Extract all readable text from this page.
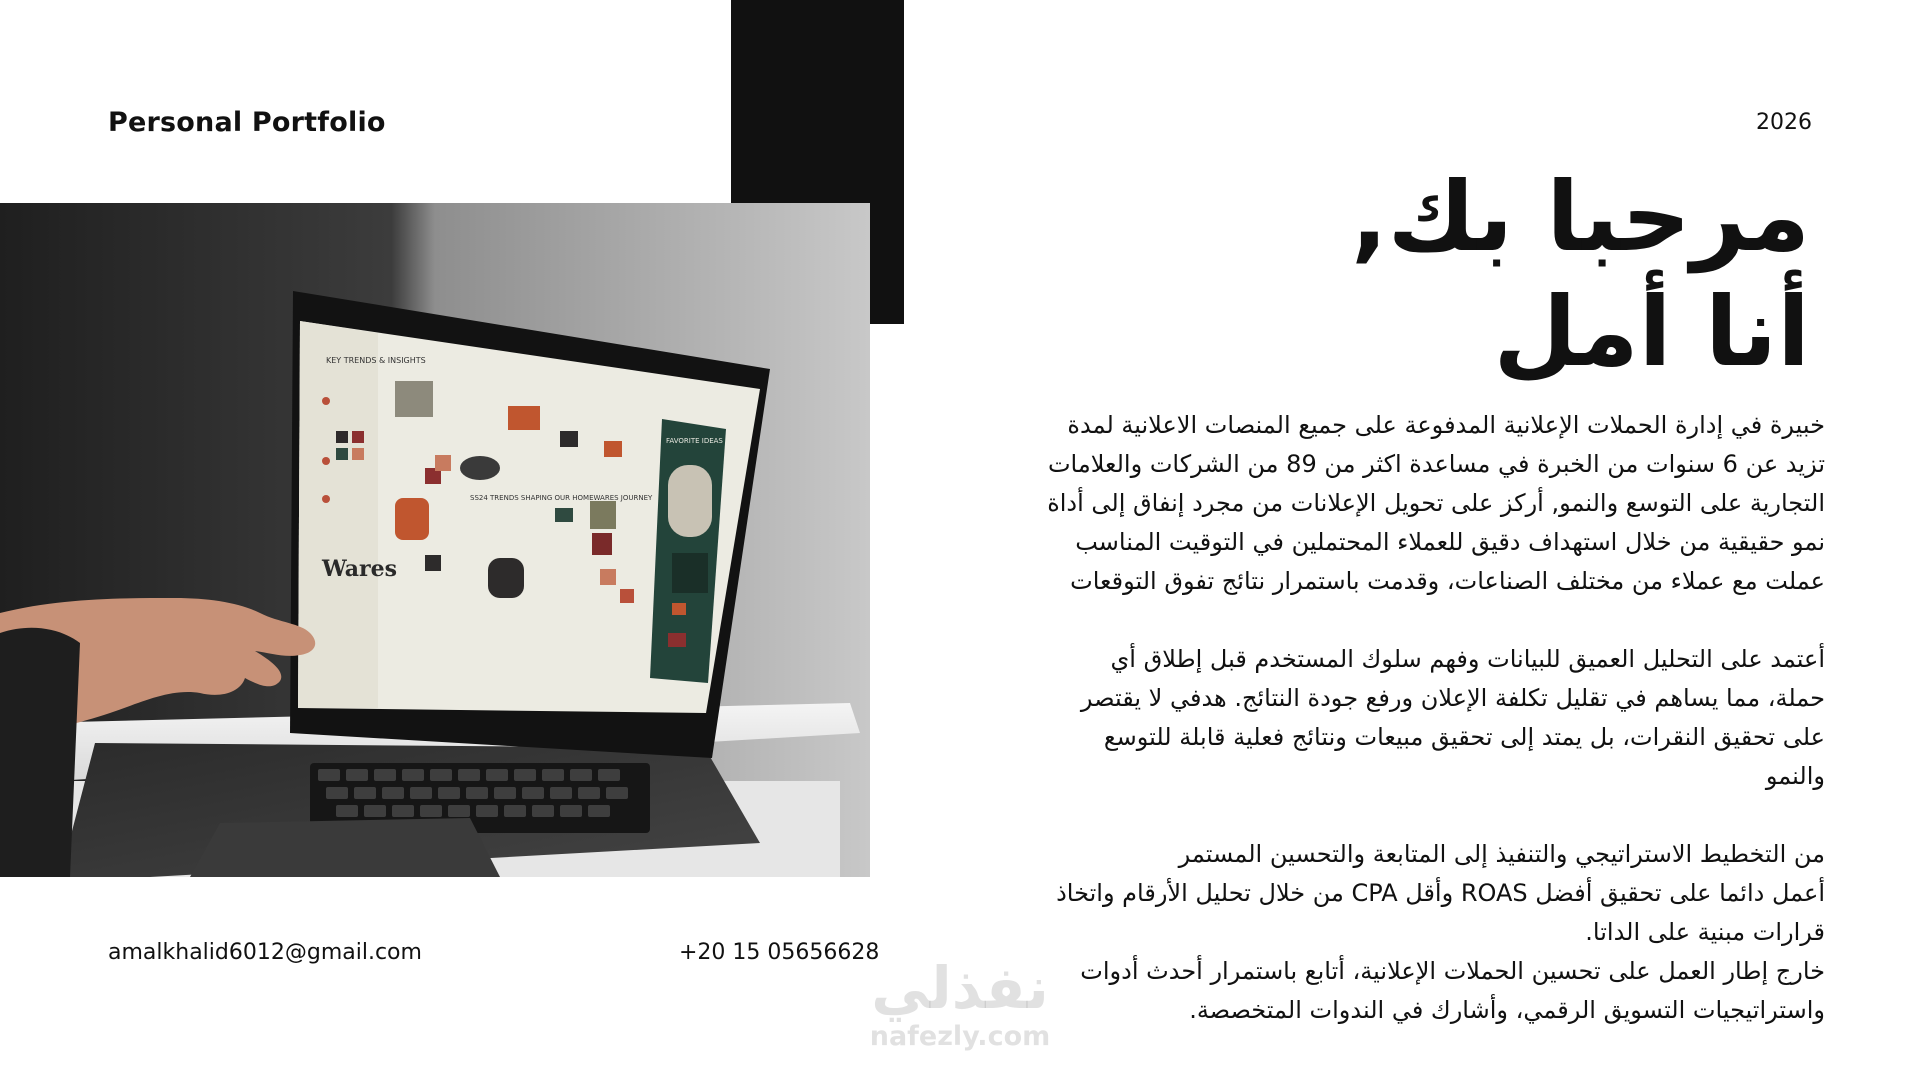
Personal Portfolio	2026
KEY TRENDS & INSIGHTS
Wares
SS24 TRENDS SHAPING OUR HOMEWARES JOURNEY
FAVORITE IDEAS
مرحبا بك,
أنا أمل
خبيرة في إدارة الحملات الإعلانية المدفوعة على جميع المنصات الاعلانية لمدة
تزيد عن 6 سنوات من الخبرة في مساعدة اكثر من 89 من الشركات والعلامات
التجارية على التوسع والنمو, أركز على تحويل الإعلانات من مجرد إنفاق إلى أداة
نمو حقيقية من خلال استهداف دقيق للعملاء المحتملين في التوقيت المناسب
عملت مع عملاء من مختلف الصناعات، وقدمت باستمرار نتائج تفوق التوقعات
أعتمد على التحليل العميق للبيانات وفهم سلوك المستخدم قبل إطلاق أي
حملة، مما يساهم في تقليل تكلفة الإعلان ورفع جودة النتائج. هدفي لا يقتصر
على تحقيق النقرات، بل يمتد إلى تحقيق مبيعات ونتائج فعلية قابلة للتوسع
والنمو
من التخطيط الاستراتيجي والتنفيذ إلى المتابعة والتحسين المستمر
أعمل دائما على تحقيق أفضل ROAS وأقل CPA من خلال تحليل الأرقام واتخاذ
قرارات مبنية على الداتا.
خارج إطار العمل على تحسين الحملات الإعلانية، أتابع باستمرار أحدث أدوات
واستراتيجيات التسويق الرقمي، وأشارك في الندوات المتخصصة.
amalkhalid6012@gmail.com	+20 15 05656628
نفذلي
nafezly.com
